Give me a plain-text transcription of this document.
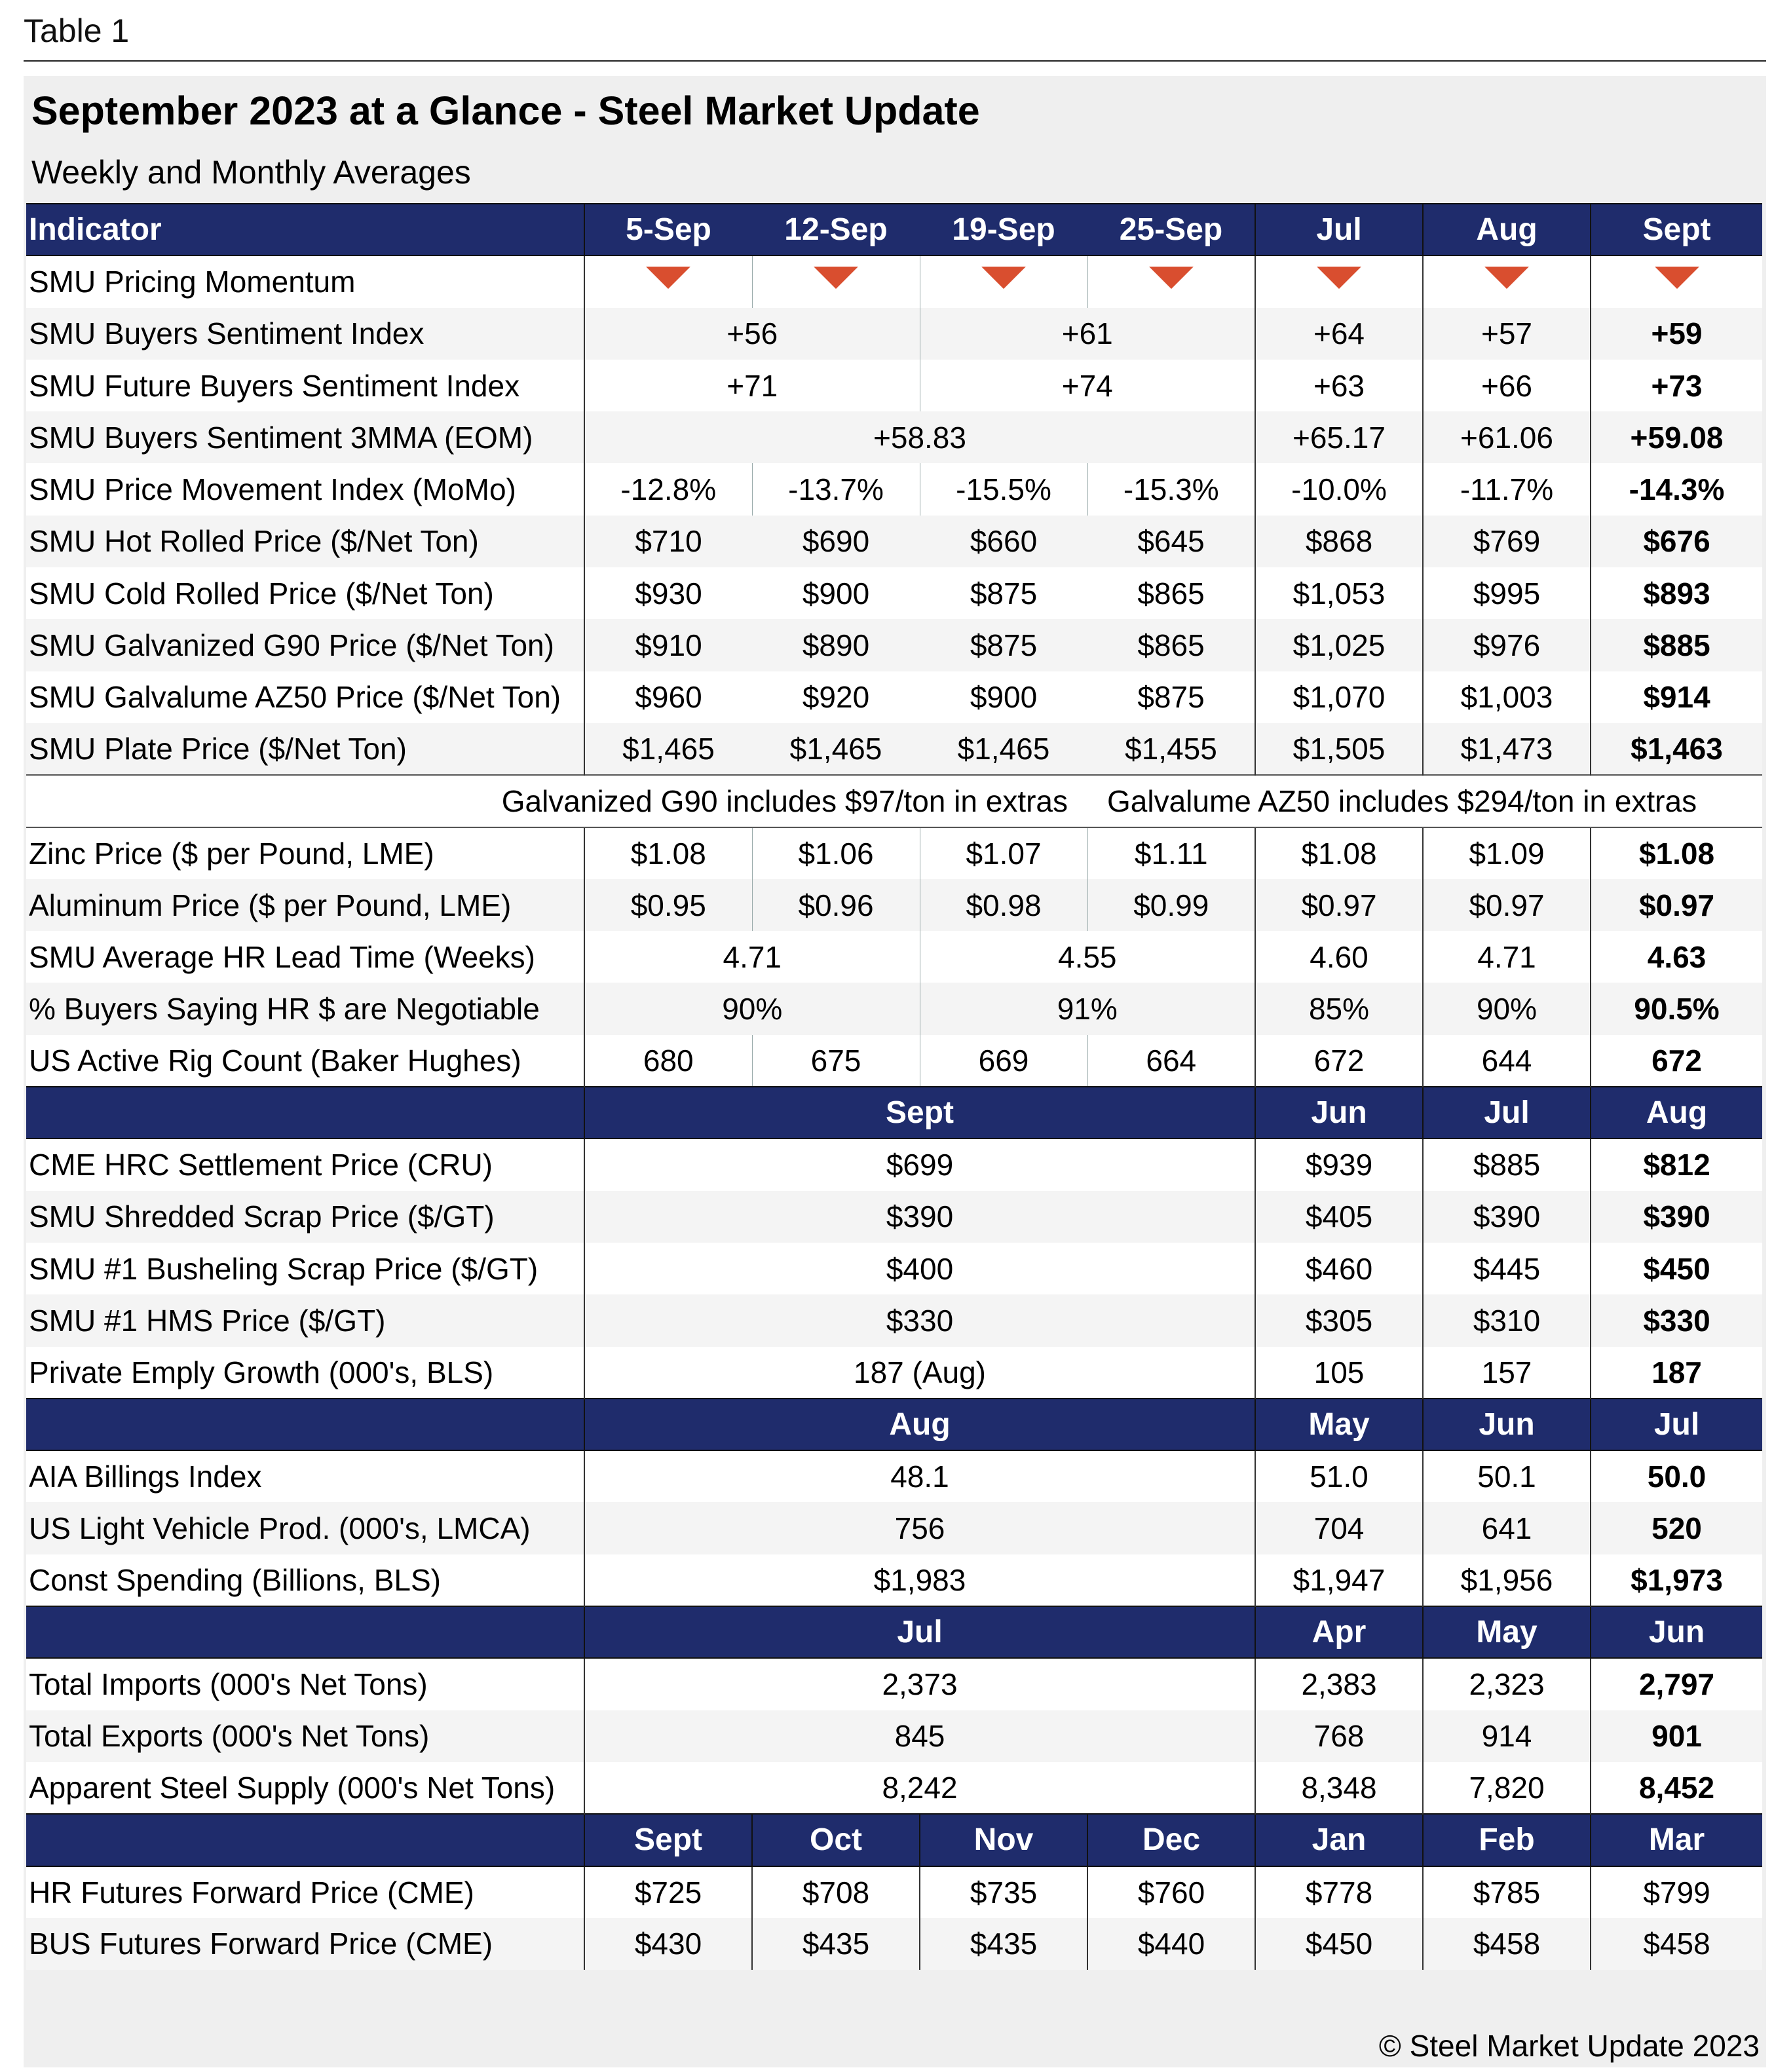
Table 1
September 2023 at a Glance - Steel Market Update
Weekly and Monthly Averages
Indicator	5-Sep	12-Sep	19-Sep	25-Sep	Jul	Aug	Sept
SMU Pricing Momentum							
SMU Buyers Sentiment Index	+56		+61		+64	+57	+59
SMU Future Buyers Sentiment Index	+71		+74		+63	+66	+73
SMU Buyers Sentiment 3MMA (EOM)	+58.83				+65.17	+61.06	+59.08
SMU Price Movement Index (MoMo)	-12.8%	-13.7%	-15.5%	-15.3%	-10.0%	-11.7%	-14.3%
SMU Hot Rolled Price ($/Net Ton)	$710	$690	$660	$645	$868	$769	$676
SMU Cold Rolled Price ($/Net Ton)	$930	$900	$875	$865	$1,053	$995	$893
SMU Galvanized G90 Price ($/Net Ton)	$910	$890	$875	$865	$1,025	$976	$885
SMU Galvalume AZ50 Price ($/Net Ton)	$960	$920	$900	$875	$1,070	$1,003	$914
SMU Plate Price ($/Net Ton)	$1,465	$1,465	$1,465	$1,455	$1,505	$1,473	$1,463
Galvanized G90 includes $97/ton in extras				Galvalume AZ50 includes $294/ton in extras			
Zinc Price ($ per Pound, LME)	$1.08	$1.06	$1.07	$1.11	$1.08	$1.09	$1.08
Aluminum Price ($ per Pound, LME)	$0.95	$0.96	$0.98	$0.99	$0.97	$0.97	$0.97
SMU Average HR Lead Time (Weeks)	4.71		4.55		4.60	4.71	4.63
% Buyers Saying HR $ are Negotiable	90%		91%		85%	90%	90.5%
US Active Rig Count (Baker Hughes)	680	675	669	664	672	644	672
	Sept				Jun	Jul	Aug
CME HRC Settlement Price (CRU)	$699				$939	$885	$812
SMU Shredded Scrap Price ($/GT)	$390				$405	$390	$390
SMU #1 Busheling Scrap Price ($/GT)	$400				$460	$445	$450
SMU #1 HMS Price ($/GT)	$330				$305	$310	$330
Private Emply Growth (000's, BLS)	187 (Aug)				105	157	187
	Aug				May	Jun	Jul
AIA Billings Index	48.1				51.0	50.1	50.0
US Light Vehicle Prod. (000's, LMCA)	756				704	641	520
Const Spending (Billions, BLS)	$1,983				$1,947	$1,956	$1,973
	Jul				Apr	May	Jun
Total Imports (000's Net Tons)	2,373				2,383	2,323	2,797
Total Exports (000's Net Tons)	845				768	914	901
Apparent Steel Supply (000's Net Tons)	8,242				8,348	7,820	8,452
	Sept	Oct	Nov	Dec	Jan	Feb	Mar
HR Futures Forward Price (CME)	$725	$708	$735	$760	$778	$785	$799
BUS Futures Forward Price (CME)	$430	$435	$435	$440	$450	$458	$458
© Steel Market Update 2023
